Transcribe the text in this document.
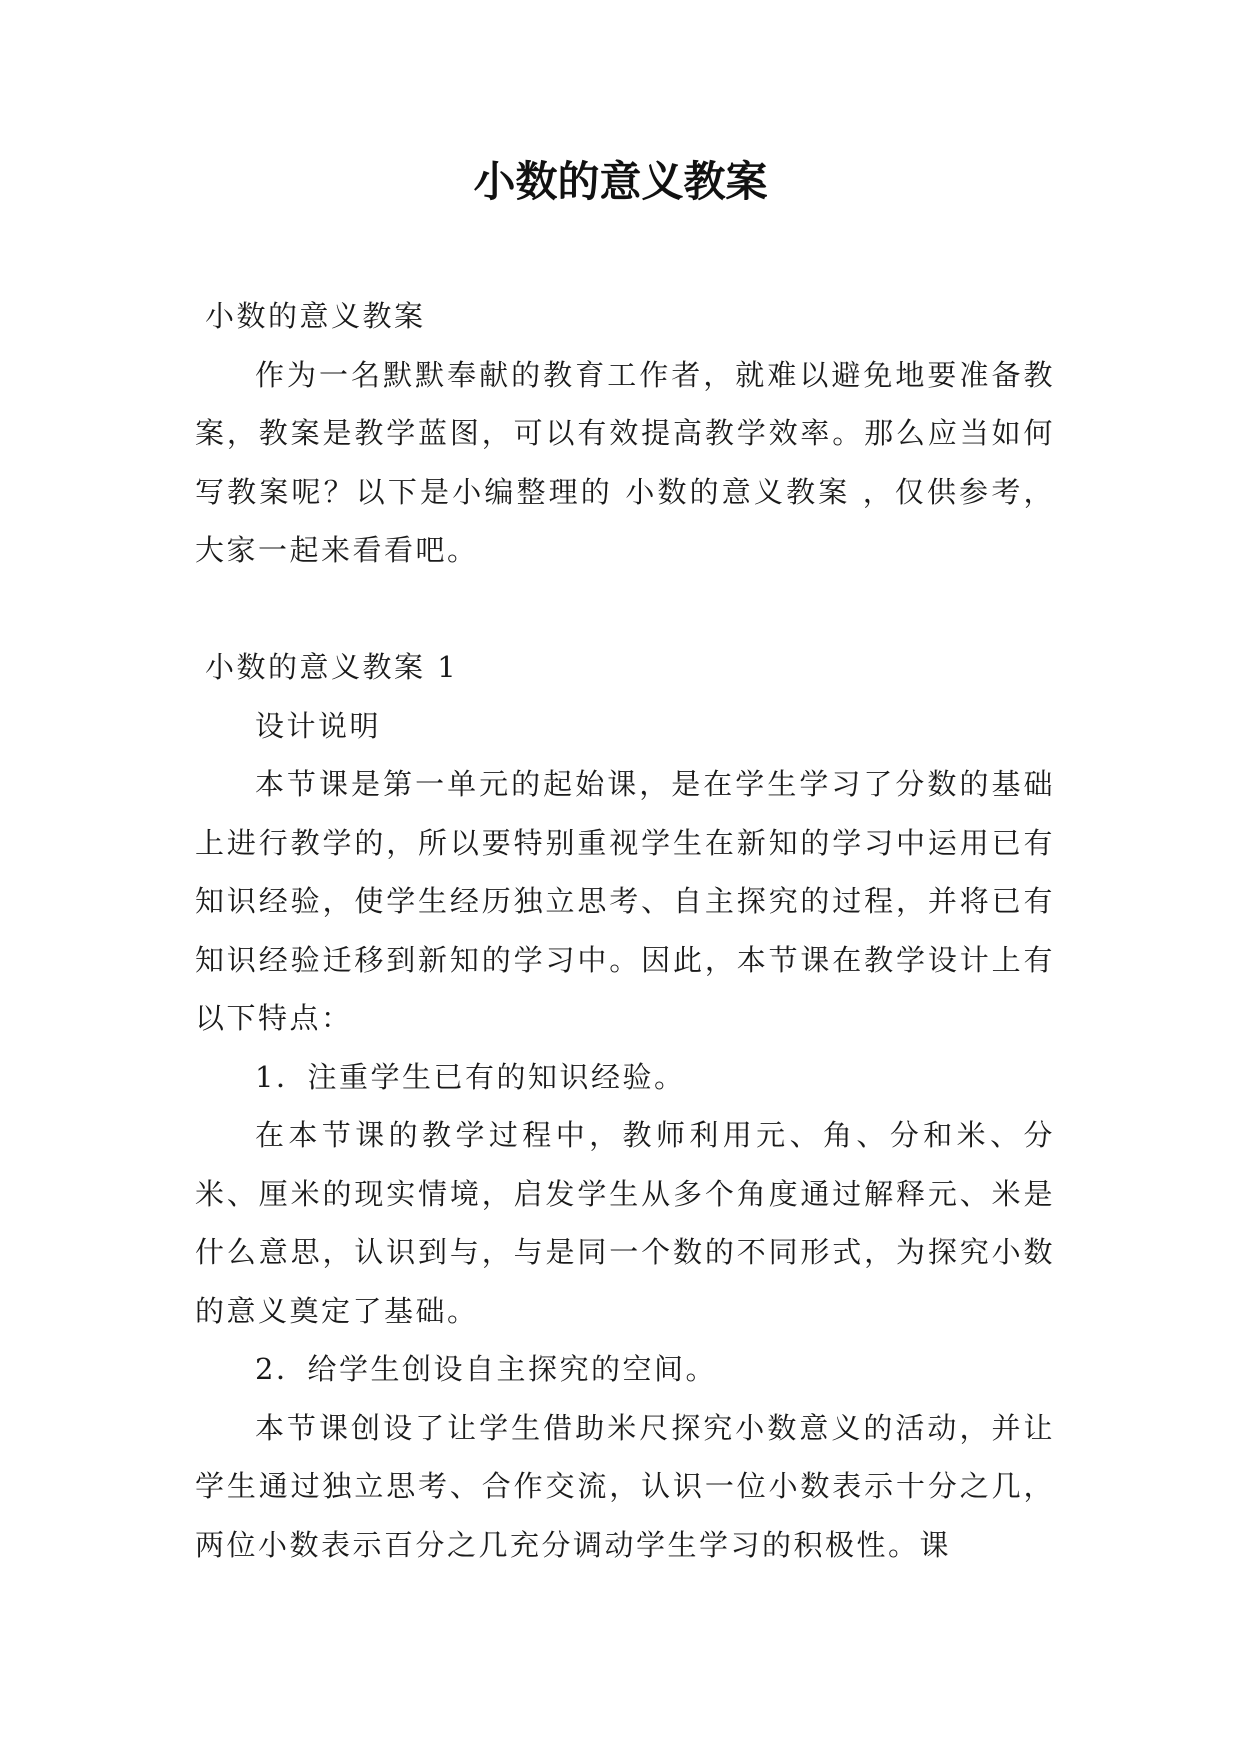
小数的意义教案

小数的意义教案

作为一名默默奉献的教育工作者，就难以避免地要准备教案，教案是教学蓝图，可以有效提高教学效率。那么应当如何写教案呢？以下是小编整理的 小数的意义教案 ，仅供参考，大家一起来看看吧。

小数的意义教案 1

设计说明

本节课是第一单元的起始课，是在学生学习了分数的基础上进行教学的，所以要特别重视学生在新知的学习中运用已有知识经验，使学生经历独立思考、自主探究的过程，并将已有知识经验迁移到新知的学习中。因此，本节课在教学设计上有以下特点：

1．注重学生已有的知识经验。

在本节课的教学过程中，教师利用元、角、分和米、分米、厘米的现实情境，启发学生从多个角度通过解释元、米是什么意思，认识到与，与是同一个数的不同形式，为探究小数的意义奠定了基础。

2．给学生创设自主探究的空间。

本节课创设了让学生借助米尺探究小数意义的活动，并让学生通过独立思考、合作交流，认识一位小数表示十分之几，两位小数表示百分之几充分调动学生学习的积极性。课
